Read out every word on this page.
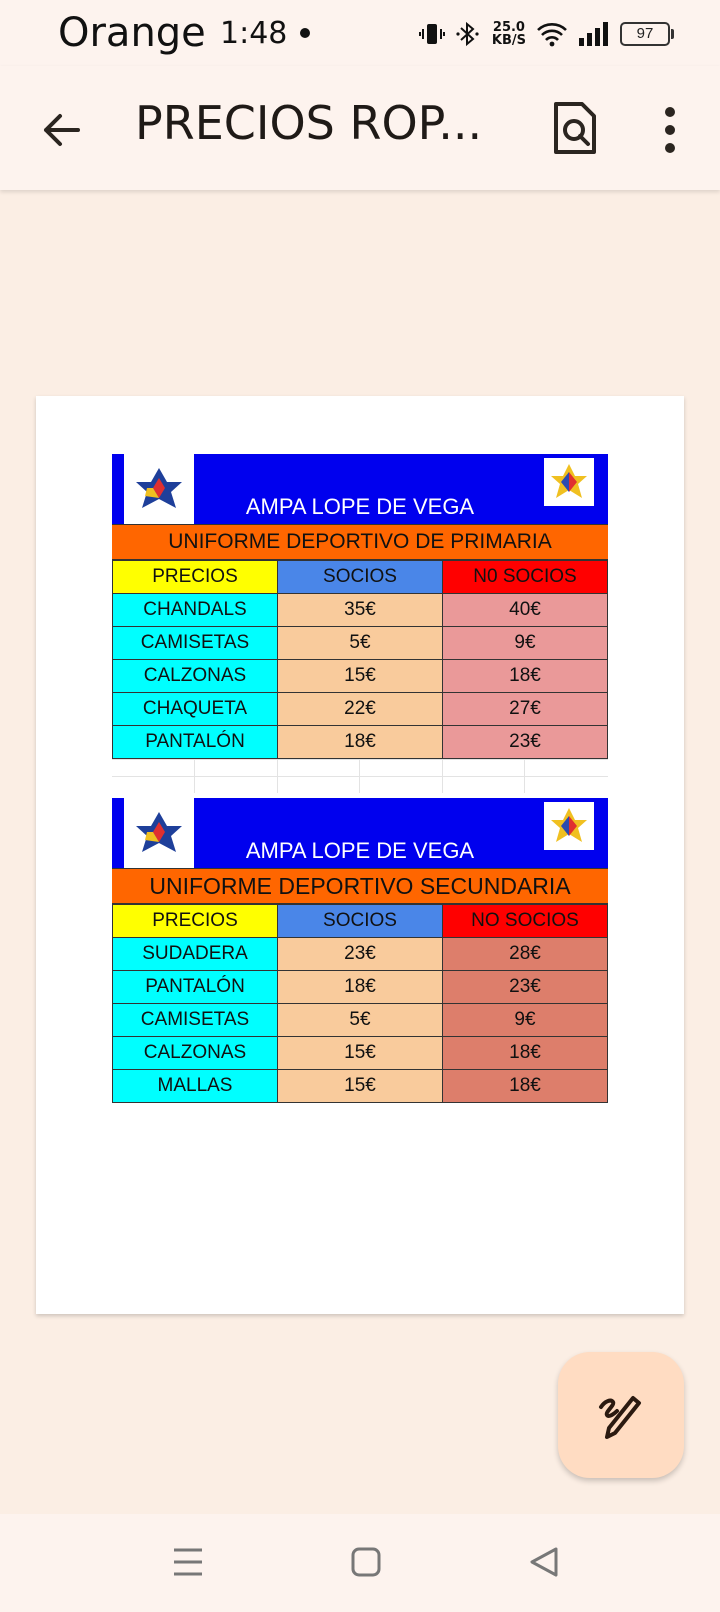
Orange 1:48	25.0
KB/S	97
PRECIOS ROP...
AMPA LOPE DE VEGA
UNIFORME DEPORTIVO DE PRIMARIA
PRECIOS	SOCIOS	N0 SOCIOS
CHANDALS	35€	40€
CAMISETAS	5€	9€
CALZONAS	15€	18€
CHAQUETA	22€	27€
PANTALÓN	18€	23€
AMPA LOPE DE VEGA
UNIFORME DEPORTIVO SECUNDARIA
PRECIOS	SOCIOS	NO SOCIOS
SUDADERA	23€	28€
PANTALÓN	18€	23€
CAMISETAS	5€	9€
CALZONAS	15€	18€
MALLAS	15€	18€
